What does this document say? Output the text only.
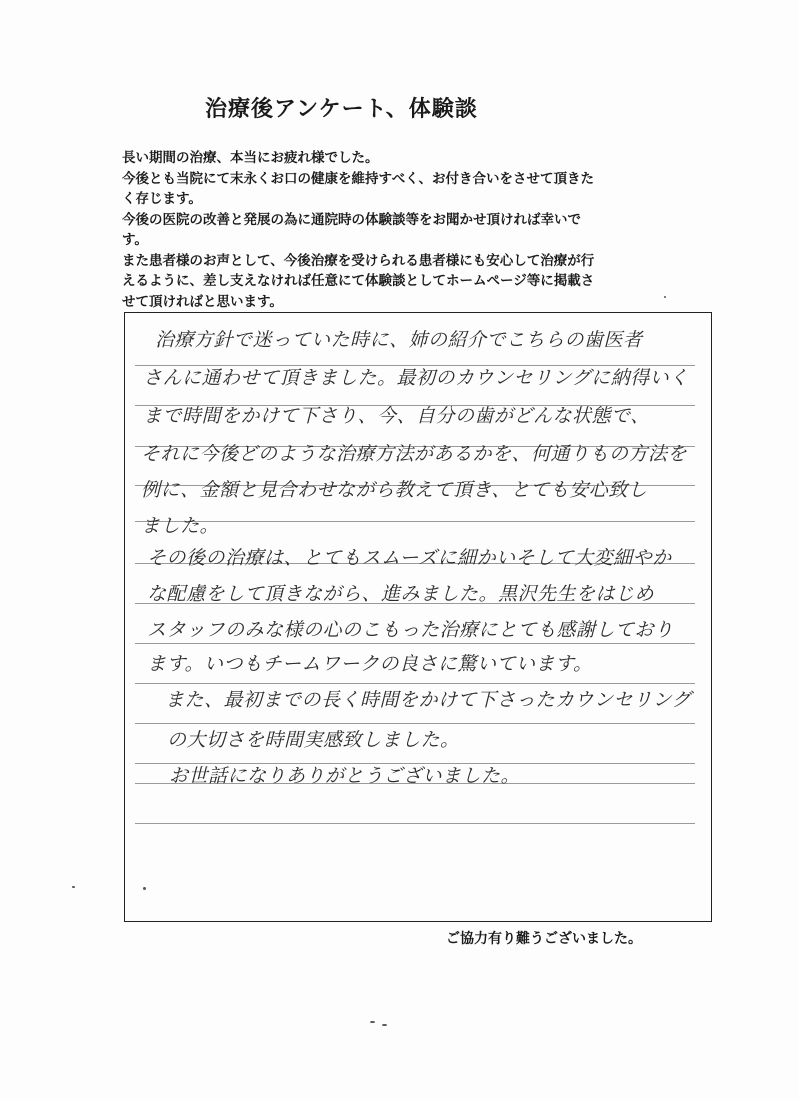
治療後アンケート、体験談
長い期間の治療、本当にお疲れ様でした。
今後とも当院にて末永くお口の健康を維持すべく、お付き合いをさせて頂きた
く存じます。
今後の医院の改善と発展の為に通院時の体験談等をお聞かせ頂ければ幸いで
す。
また患者様のお声として、今後治療を受けられる患者様にも安心して治療が行
えるように、差し支えなければ任意にて体験談としてホームページ等に掲載さ
せて頂ければと思います。
治療方針で迷っていた時に、姉の紹介でこちらの歯医者
さんに通わせて頂きました。最初のカウンセリングに納得いく
まで時間をかけて下さり、今、自分の歯がどんな状態で、
それに今後どのような治療方法があるかを、何通りもの方法を
例に、金額と見合わせながら教えて頂き、とても安心致し
ました。
その後の治療は、とてもスムーズに細かいそして大変細やか
な配慮をして頂きながら、進みました。黒沢先生をはじめ
スタッフのみな様の心のこもった治療にとても感謝しており
ます。いつもチームワークの良さに驚いています。
また、最初までの長く時間をかけて下さったカウンセリング
の大切さを時間実感致しました。
お世話になりありがとうございました。
ご協力有り難うございました。
